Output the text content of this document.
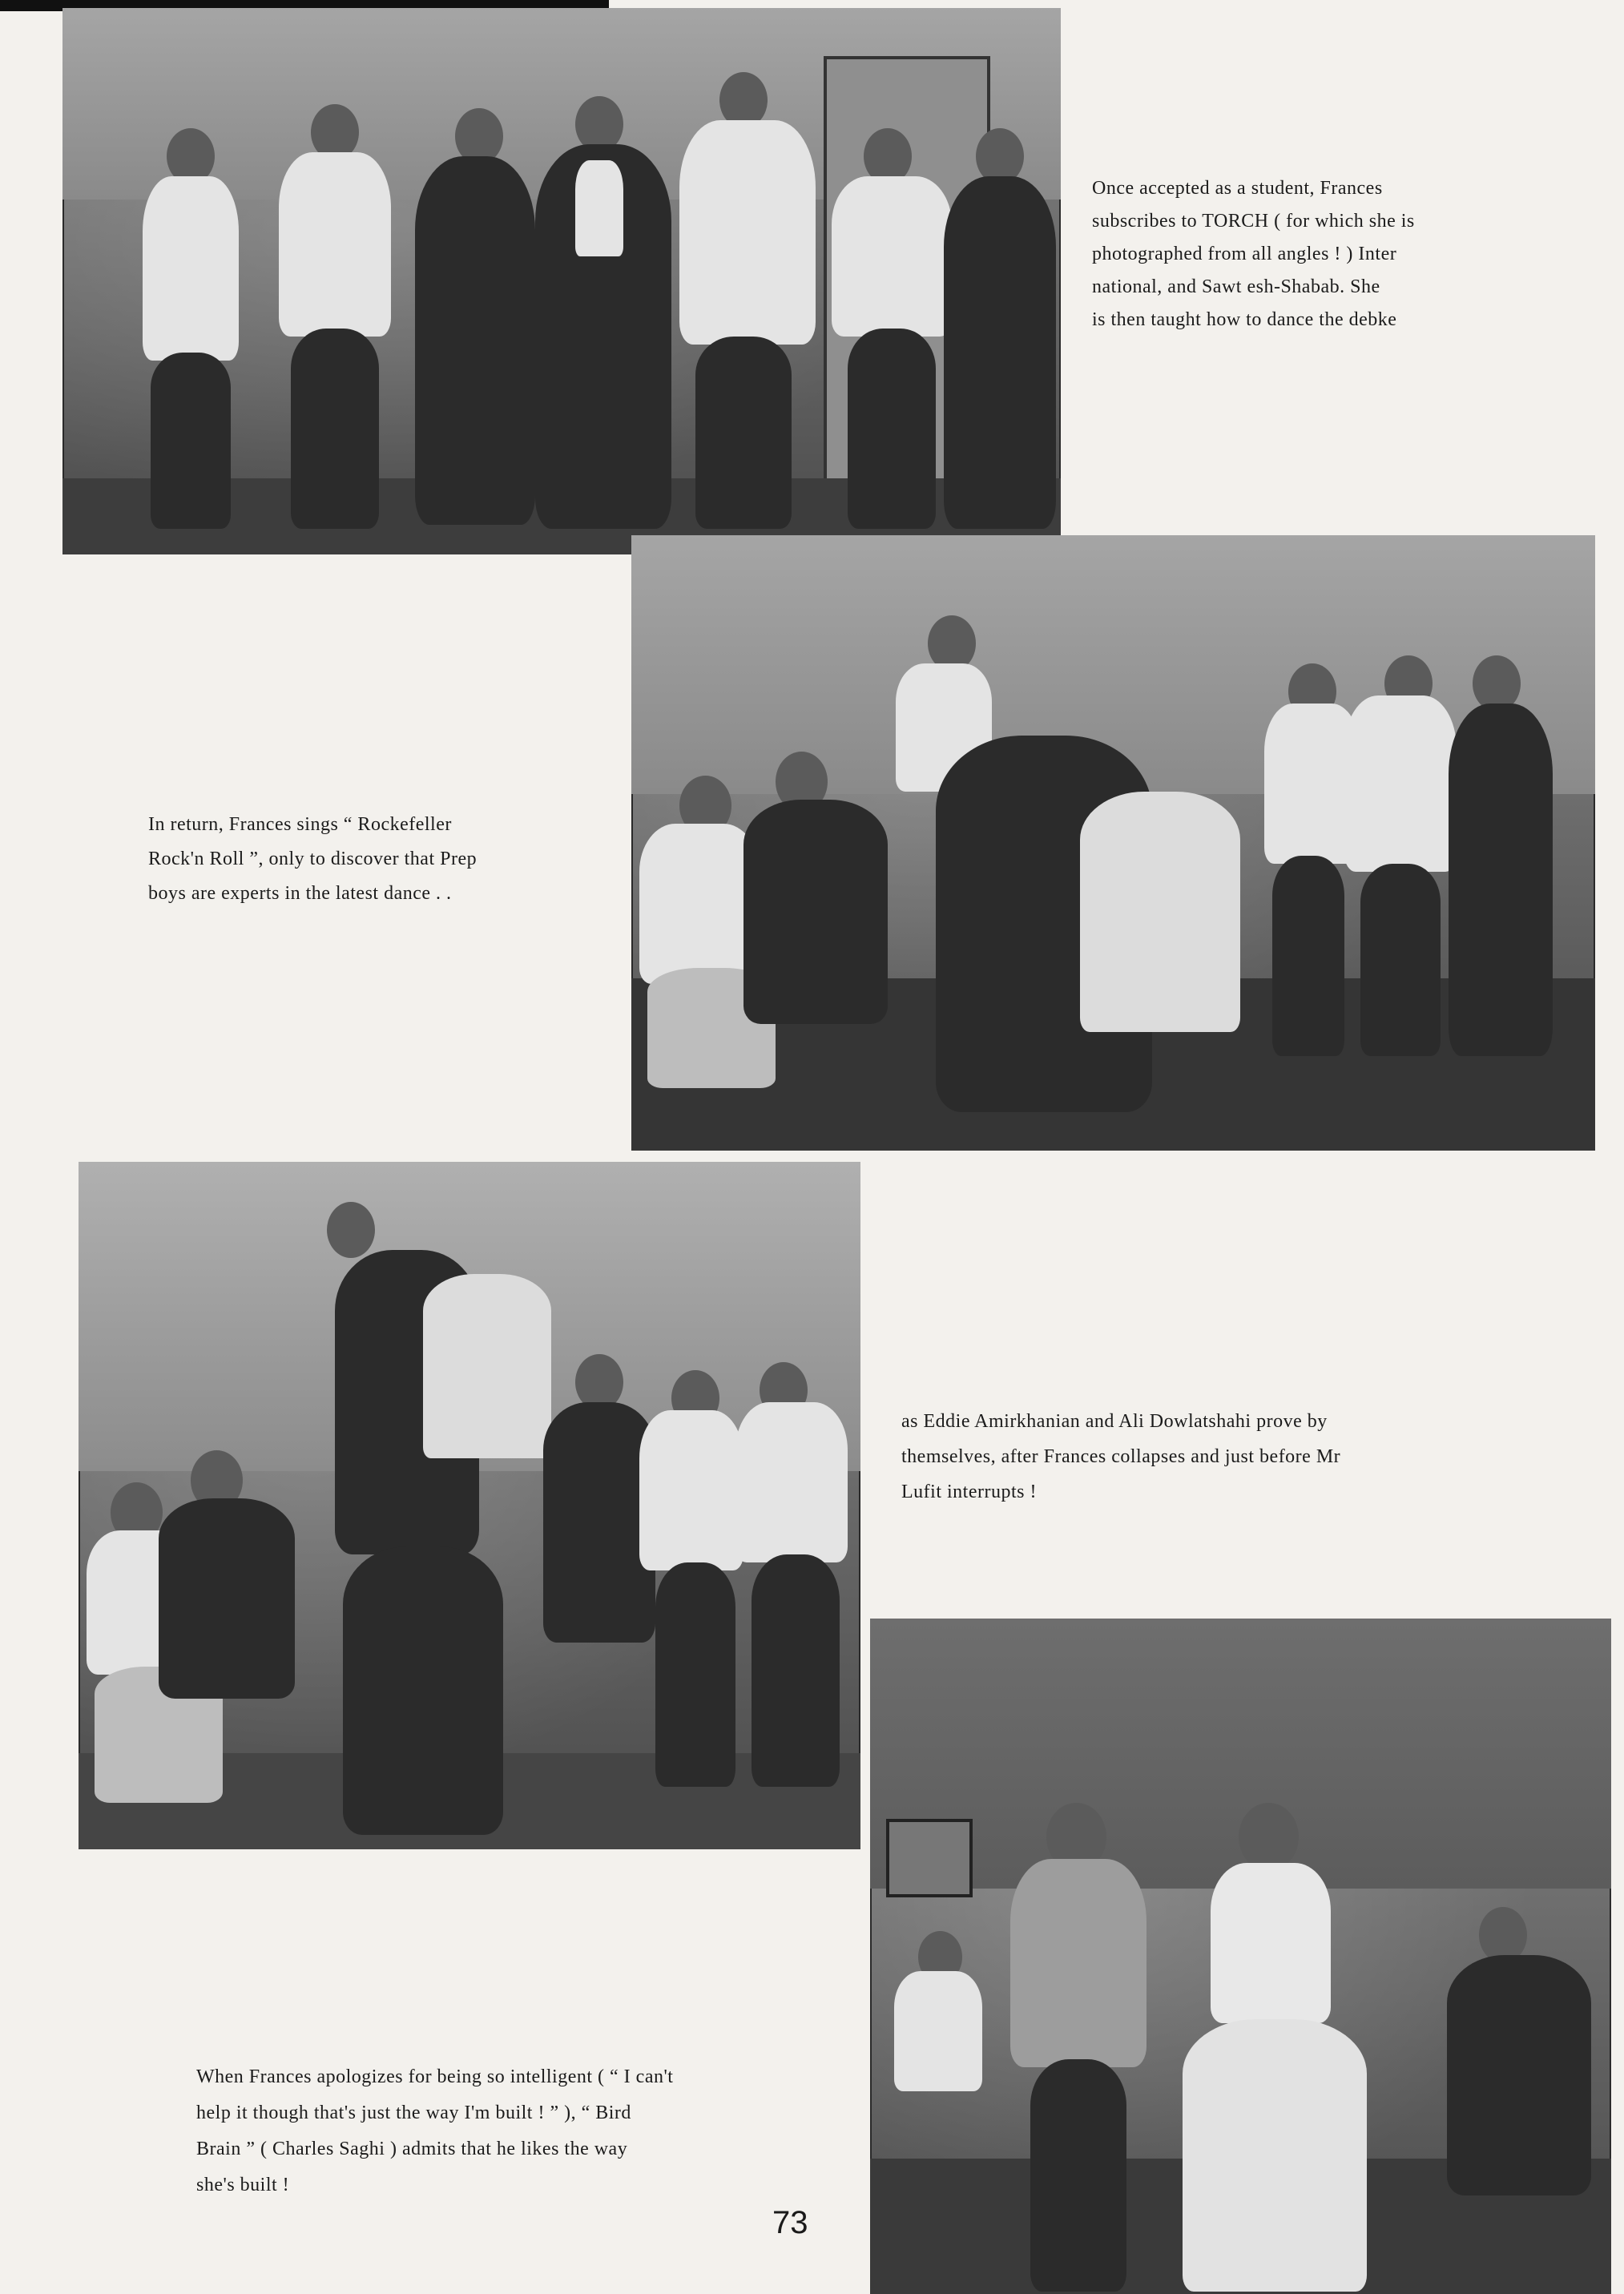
Once accepted as a student, Frances
subscribes to TORCH ( for which she is
photographed from all angles ! ) Inter
national, and Sawt esh-Shabab. She
is then taught how to dance the debke
In return, Frances sings “ Rockefeller
Rock'n Roll ”, only to discover that Prep
boys are experts in the latest dance . .
as Eddie Amirkhanian and Ali Dowlatshahi prove by
themselves, after Frances collapses and just before Mr
Lufit interrupts !
When Frances apologizes for being so intelligent ( “ I can't
help it though that's just the way I'm built ! ” ), “ Bird
Brain ” ( Charles Saghi ) admits that he likes the way
she's built !
73
